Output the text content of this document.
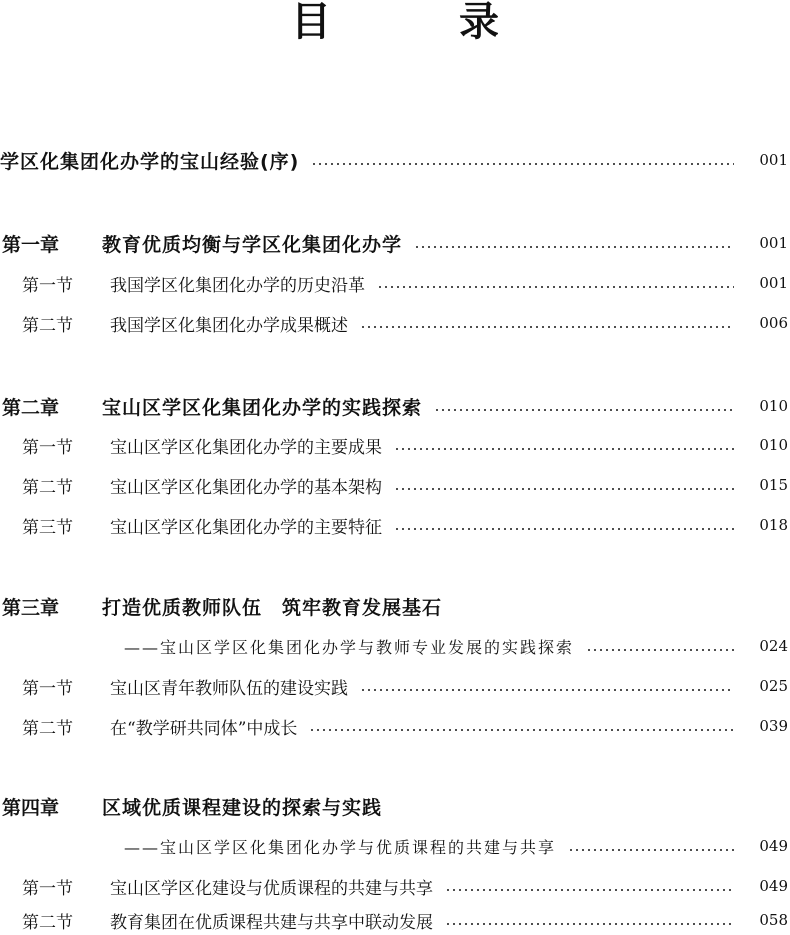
目　录
学区化集团化办学的宝山经验(序)	001
第一章	教育优质均衡与学区化集团化办学	001
第一节	我国学区化集团化办学的历史沿革	001
第二节	我国学区化集团化办学成果概述	006
第二章	宝山区学区化集团化办学的实践探索	010
第一节	宝山区学区化集团化办学的主要成果	010
第二节	宝山区学区化集团化办学的基本架构	015
第三节	宝山区学区化集团化办学的主要特征	018
第三章	打造优质教师队伍　筑牢教育发展基石
——宝山区学区化集团化办学与教师专业发展的实践探索	024
第一节	宝山区青年教师队伍的建设实践	025
第二节	在“教学研共同体”中成长	039
第四章	区域优质课程建设的探索与实践
——宝山区学区化集团化办学与优质课程的共建与共享	049
第一节	宝山区学区化建设与优质课程的共建与共享	049
第二节	教育集团在优质课程共建与共享中联动发展	058
